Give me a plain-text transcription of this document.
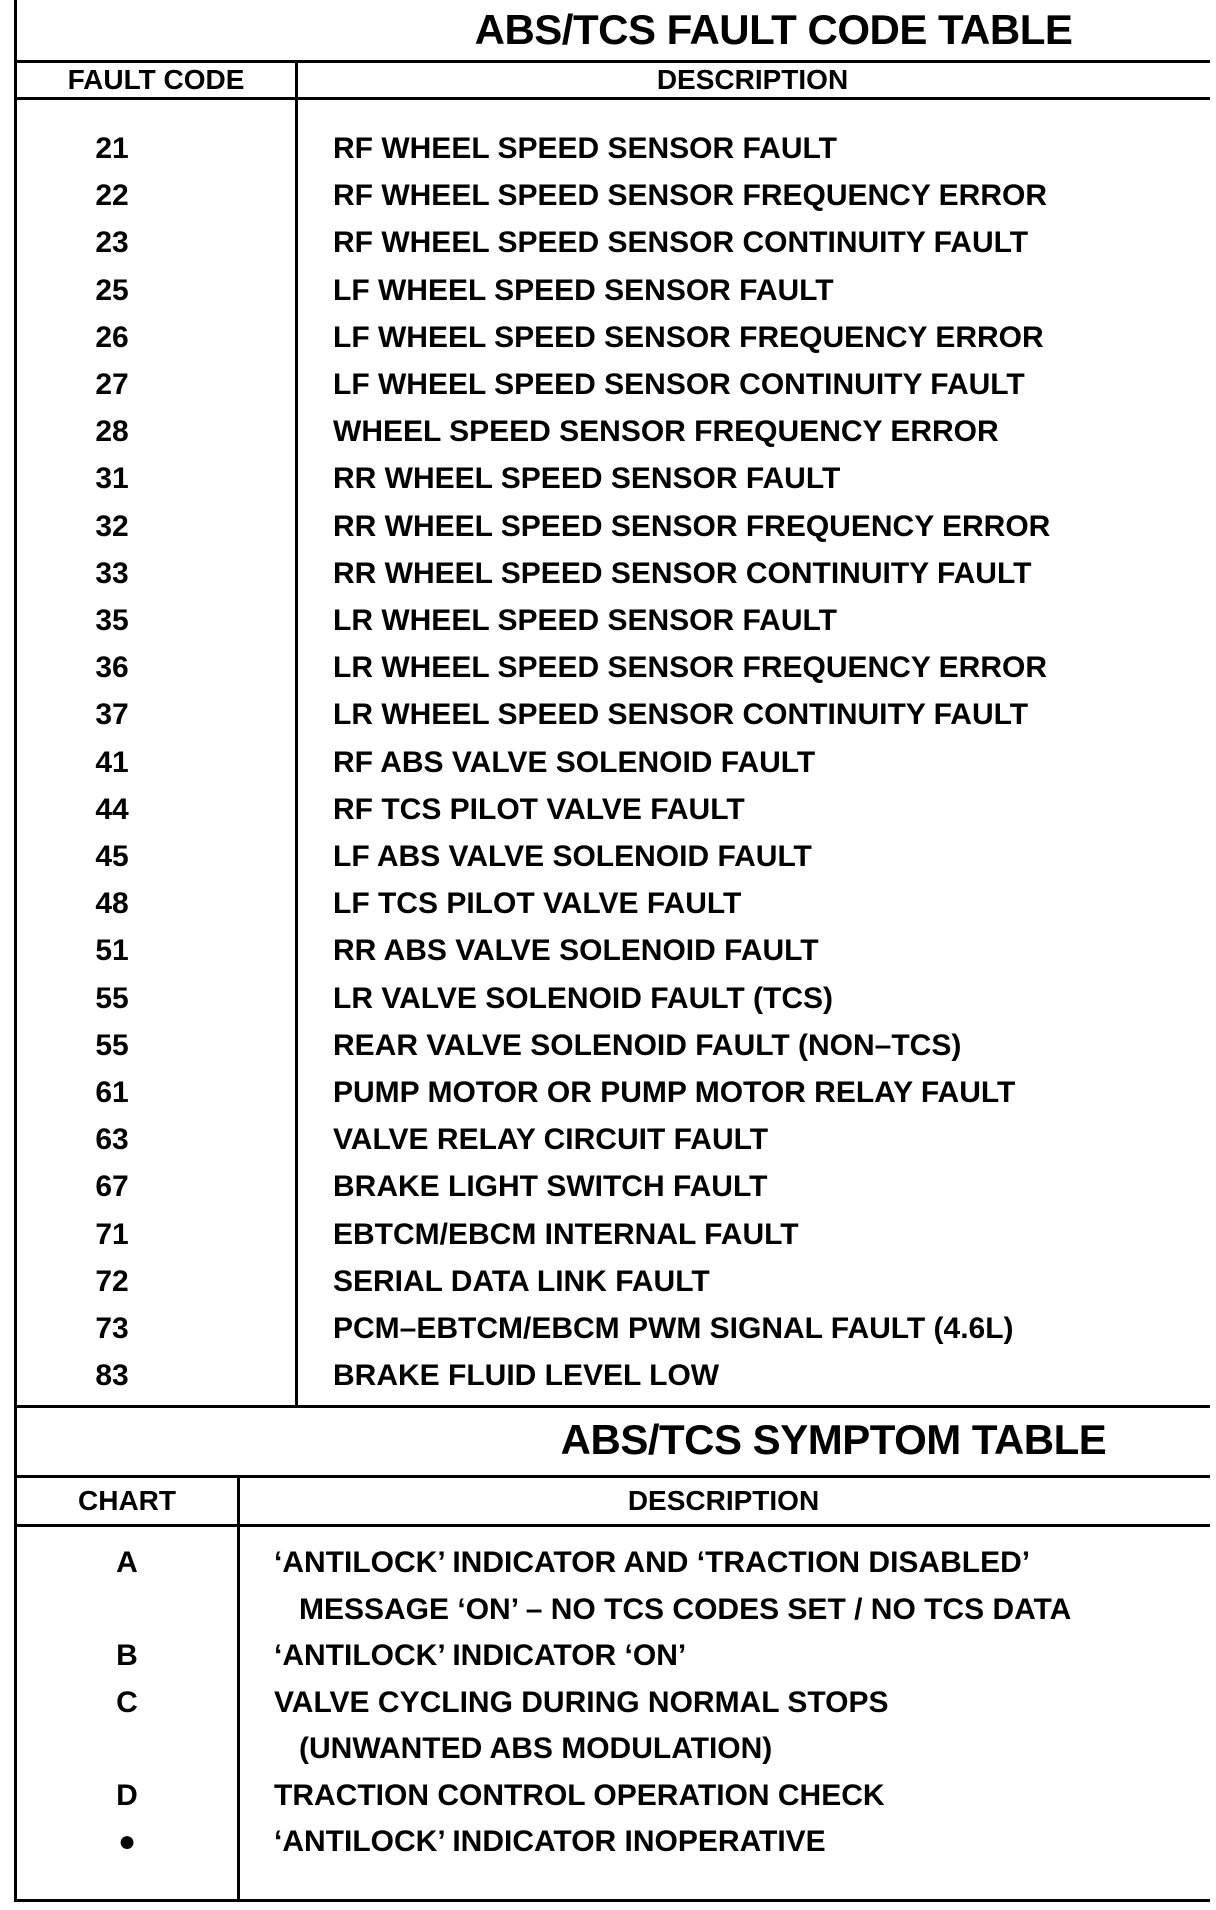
ABS/TCS FAULT CODE TABLE
FAULT CODE	DESCRIPTION
21	RF WHEEL SPEED SENSOR FAULT
22	RF WHEEL SPEED SENSOR FREQUENCY ERROR
23	RF WHEEL SPEED SENSOR CONTINUITY FAULT
25	LF WHEEL SPEED SENSOR FAULT
26	LF WHEEL SPEED SENSOR FREQUENCY ERROR
27	LF WHEEL SPEED SENSOR CONTINUITY FAULT
28	WHEEL SPEED SENSOR FREQUENCY ERROR
31	RR WHEEL SPEED SENSOR FAULT
32	RR WHEEL SPEED SENSOR FREQUENCY ERROR
33	RR WHEEL SPEED SENSOR CONTINUITY FAULT
35	LR WHEEL SPEED SENSOR FAULT
36	LR WHEEL SPEED SENSOR FREQUENCY ERROR
37	LR WHEEL SPEED SENSOR CONTINUITY FAULT
41	RF ABS VALVE SOLENOID FAULT
44	RF TCS PILOT VALVE FAULT
45	LF ABS VALVE SOLENOID FAULT
48	LF TCS PILOT VALVE FAULT
51	RR ABS VALVE SOLENOID FAULT
55	LR VALVE SOLENOID FAULT (TCS)
55	REAR VALVE SOLENOID FAULT (NON–TCS)
61	PUMP MOTOR OR PUMP MOTOR RELAY FAULT
63	VALVE RELAY CIRCUIT FAULT
67	BRAKE LIGHT SWITCH FAULT
71	EBTCM/EBCM INTERNAL FAULT
72	SERIAL DATA LINK FAULT
73	PCM–EBTCM/EBCM PWM SIGNAL FAULT (4.6L)
83	BRAKE FLUID LEVEL LOW
ABS/TCS SYMPTOM TABLE
CHART	DESCRIPTION
A	‘ANTILOCK’ INDICATOR AND ‘TRACTION DISABLED’
MESSAGE ‘ON’ – NO TCS CODES SET / NO TCS DATA
B	‘ANTILOCK’ INDICATOR ‘ON’
C	VALVE CYCLING DURING NORMAL STOPS
(UNWANTED ABS MODULATION)
D	TRACTION CONTROL OPERATION CHECK
●	‘ANTILOCK’ INDICATOR INOPERATIVE
